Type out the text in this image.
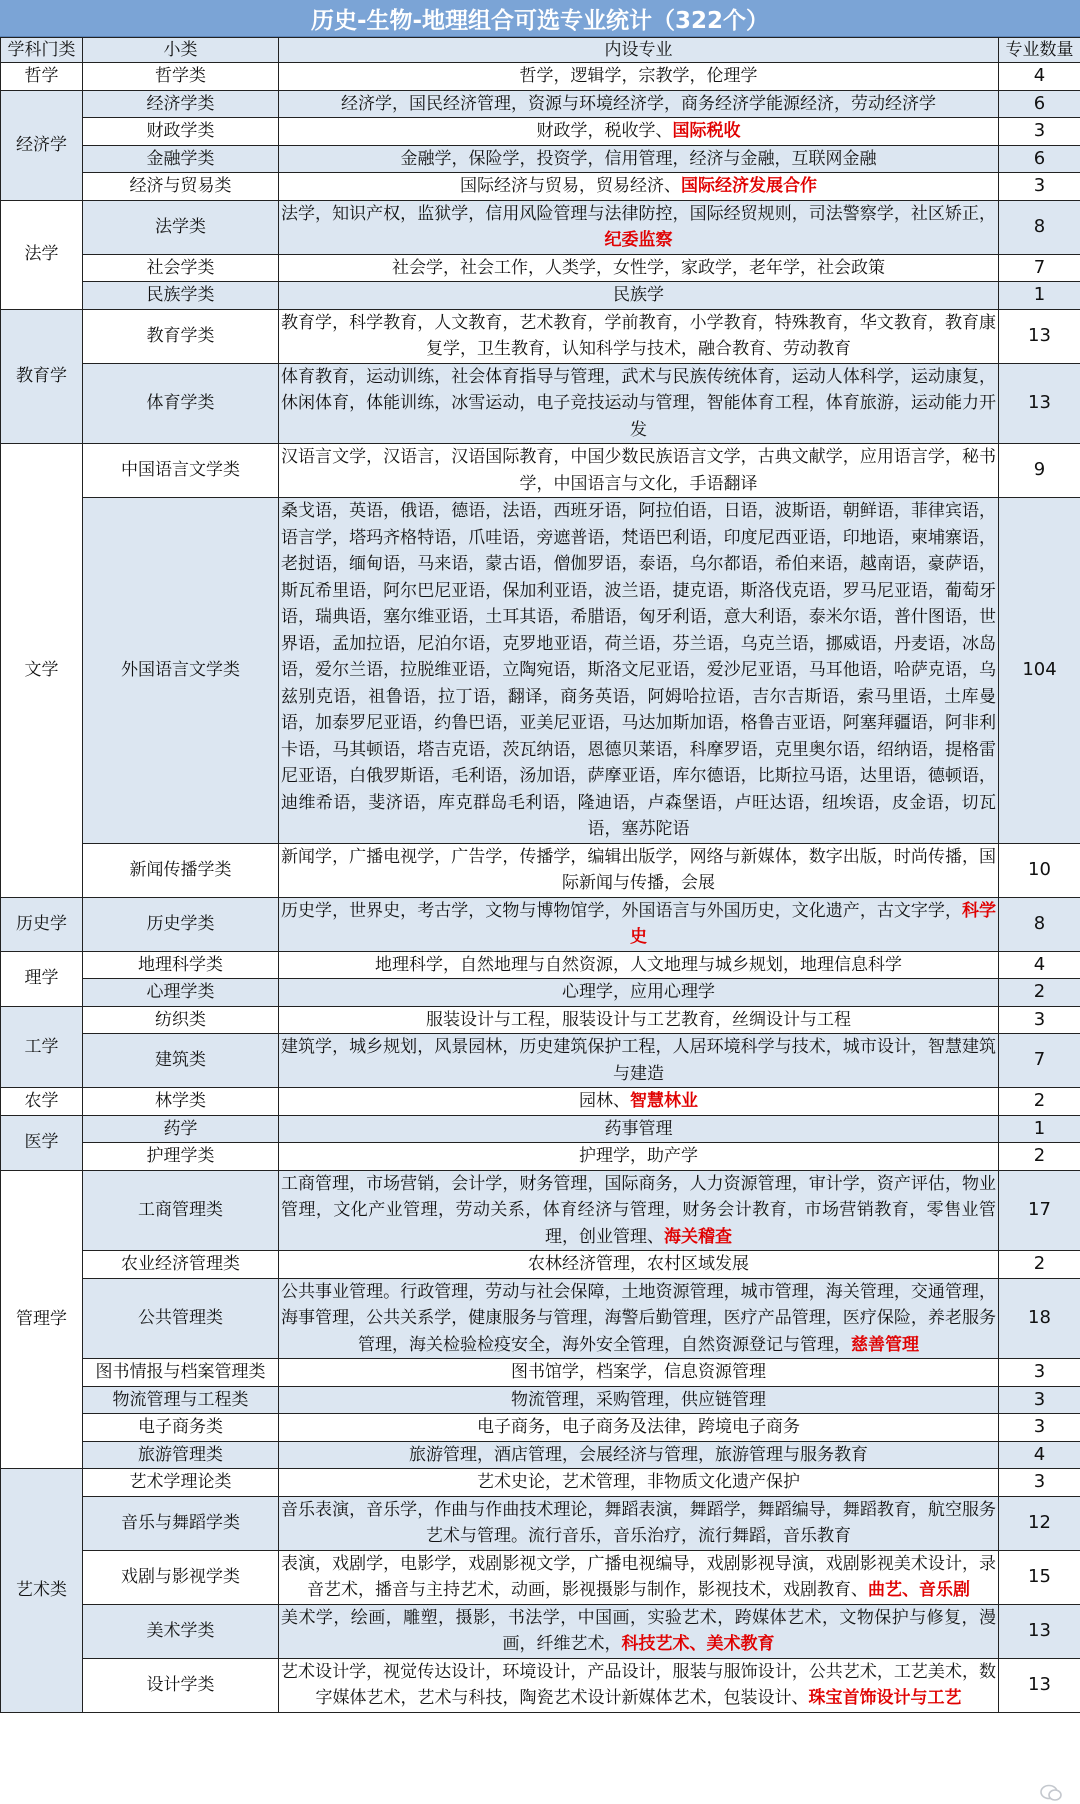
历史-生物-地理组合可选专业统计（322个）
学科门类	小类	内设专业	专业数量
哲学	哲学类	哲学，逻辑学，宗教学，伦理学	4
经济学	经济学类	经济学，国民经济管理，资源与环境经济学，商务经济学能源经济，劳动经济学	6
	财政学类	财政学，税收学、国际税收	3
	金融学类	金融学，保险学，投资学，信用管理，经济与金融，互联网金融	6
	经济与贸易类	国际经济与贸易，贸易经济、国际经济发展合作	3
法学	法学类	法学，知识产权，监狱学，信用风险管理与法律防控，国际经贸规则，司法警察学，社区矫正，纪委监察	8
	社会学类	社会学，社会工作，人类学，女性学，家政学，老年学，社会政策	7
	民族学类	民族学	1
教育学	教育学类	教育学，科学教育，人文教育，艺术教育，学前教育，小学教育，特殊教育，华文教育，教育康复学，卫生教育，认知科学与技术，融合教育、劳动教育	13
	体育学类	体育教育，运动训练，社会体育指导与管理，武术与民族传统体育，运动人体科学，运动康复，休闲体育，体能训练，冰雪运动，电子竞技运动与管理，智能体育工程，体育旅游，运动能力开发	13
文学	中国语言文学类	汉语言文学，汉语言，汉语国际教育，中国少数民族语言文学，古典文献学，应用语言学，秘书学，中国语言与文化，手语翻译	9
	外国语言文学类	桑戈语，英语，俄语，德语，法语，西班牙语，阿拉伯语，日语，波斯语，朝鲜语，菲律宾语，语言学，塔玛齐格特语，爪哇语，旁遮普语，梵语巴利语，印度尼西亚语，印地语，柬埔寨语，老挝语，缅甸语，马来语，蒙古语，僧伽罗语，泰语，乌尔都语，希伯来语，越南语，豪萨语，斯瓦希里语，阿尔巴尼亚语，保加利亚语，波兰语，捷克语，斯洛伐克语，罗马尼亚语，葡萄牙语，瑞典语，塞尔维亚语，土耳其语，希腊语，匈牙利语，意大利语，泰米尔语，普什图语，世界语，孟加拉语，尼泊尔语，克罗地亚语，荷兰语，芬兰语，乌克兰语，挪威语，丹麦语，冰岛语，爱尔兰语，拉脱维亚语，立陶宛语，斯洛文尼亚语，爱沙尼亚语，马耳他语，哈萨克语，乌兹别克语，祖鲁语，拉丁语，翻译，商务英语，阿姆哈拉语，吉尔吉斯语，索马里语，土库曼语，加泰罗尼亚语，约鲁巴语，亚美尼亚语，马达加斯加语，格鲁吉亚语，阿塞拜疆语，阿非利卡语，马其顿语，塔吉克语，茨瓦纳语，恩德贝莱语，科摩罗语，克里奥尔语，绍纳语，提格雷尼亚语，白俄罗斯语，毛利语，汤加语，萨摩亚语，库尔德语，比斯拉马语，达里语，德顿语，迪维希语，斐济语，库克群岛毛利语，隆迪语，卢森堡语，卢旺达语，纽埃语，皮金语，切瓦语，塞苏陀语	104
	新闻传播学类	新闻学，广播电视学，广告学，传播学，编辑出版学，网络与新媒体，数字出版，时尚传播，国际新闻与传播，会展	10
历史学	历史学类	历史学，世界史，考古学，文物与博物馆学，外国语言与外国历史，文化遗产，古文字学，科学史	8
理学	地理科学类	地理科学，自然地理与自然资源，人文地理与城乡规划，地理信息科学	4
	心理学类	心理学，应用心理学	2
工学	纺织类	服装设计与工程，服装设计与工艺教育，丝绸设计与工程	3
	建筑类	建筑学，城乡规划，风景园林，历史建筑保护工程，人居环境科学与技术，城市设计，智慧建筑与建造	7
农学	林学类	园林、智慧林业	2
医学	药学	药事管理	1
	护理学类	护理学，助产学	2
管理学	工商管理类	工商管理，市场营销，会计学，财务管理，国际商务，人力资源管理，审计学，资产评估，物业管理，文化产业管理，劳动关系，体育经济与管理，财务会计教育，市场营销教育，零售业管理，创业管理、海关稽查	17
	农业经济管理类	农林经济管理，农村区域发展	2
	公共管理类	公共事业管理。行政管理，劳动与社会保障，土地资源管理，城市管理，海关管理，交通管理，海事管理，公共关系学，健康服务与管理，海警后勤管理，医疗产品管理，医疗保险，养老服务管理，海关检验检疫安全，海外安全管理，自然资源登记与管理，慈善管理	18
	图书情报与档案管理类	图书馆学，档案学，信息资源管理	3
	物流管理与工程类	物流管理，采购管理，供应链管理	3
	电子商务类	电子商务，电子商务及法律，跨境电子商务	3
	旅游管理类	旅游管理，酒店管理，会展经济与管理，旅游管理与服务教育	4
艺术类	艺术学理论类	艺术史论，艺术管理，非物质文化遗产保护	3
	音乐与舞蹈学类	音乐表演，音乐学，作曲与作曲技术理论，舞蹈表演，舞蹈学，舞蹈编导，舞蹈教育，航空服务艺术与管理。流行音乐，音乐治疗，流行舞蹈，音乐教育	12
	戏剧与影视学类	表演，戏剧学，电影学，戏剧影视文学，广播电视编导，戏剧影视导演，戏剧影视美术设计，录音艺术，播音与主持艺术，动画，影视摄影与制作，影视技术，戏剧教育、曲艺、音乐剧	15
	美术学类	美术学，绘画，雕塑，摄影，书法学，中国画，实验艺术，跨媒体艺术，文物保护与修复，漫画，纤维艺术，科技艺术、美术教育	13
	设计学类	艺术设计学，视觉传达设计，环境设计，产品设计，服装与服饰设计，公共艺术，工艺美术，数字媒体艺术，艺术与科技，陶瓷艺术设计新媒体艺术，包装设计、珠宝首饰设计与工艺	13
